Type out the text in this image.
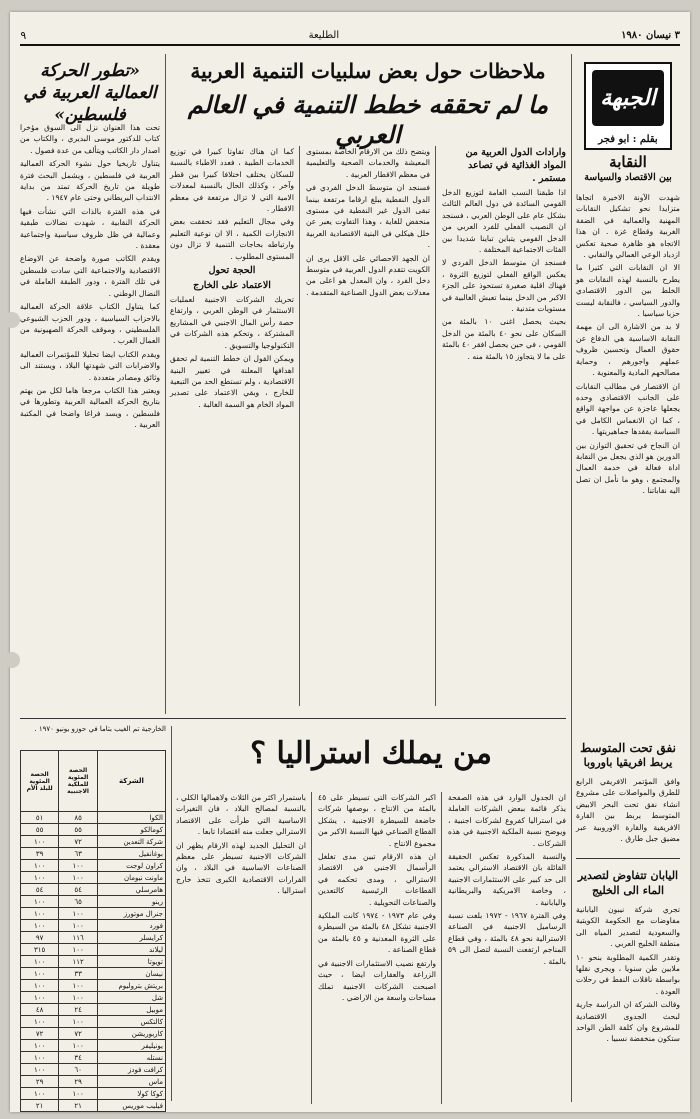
٣ نيسان ١٩٨٠
الطليعة
٩
الجبهة
بقلم : ابو فجر
النقابة
بين الاقتصاد والسياسة

شهدت الآونة الاخيرة اتجاها متزايدا نحو تشكيل النقابات المهنية والعمالية في الضفة الغربية وقطاع غزة . ان هذا الاتجاه هو ظاهرة صحية تعكس ازدياد الوعي العمالي والنقابي .

الا ان النقابات التي كثيرا ما يطرح بالنسبة لهذه النقابات هو الخلط بين الدور الاقتصادي والدور السياسي ، فالنقابة ليست حزبا سياسيا .

لا بد من الاشارة الى ان مهمة النقابة الاساسية هي الدفاع عن حقوق العمال وتحسين ظروف عملهم واجورهم ، وحماية مصالحهم المادية والمعنوية .

ان الاقتصار في مطالب النقابات على الجانب الاقتصادي وحده يجعلها عاجزة عن مواجهة الواقع ، كما ان الانغماس الكامل في السياسة يفقدها جماهيريتها .

ان النجاح في تحقيق التوازن بين الدورين هو الذي يجعل من النقابة اداة فعالة في خدمة العمال والمجتمع ، وهو ما نأمل ان تصل اليه نقاباتنا .

ملاحظات حول بعض سلبيات التنمية العربية
ما لم تحققه خطط التنمية في العالم العربي

وارادات الدول العربية من المواد الغذائية في تصاعد مستمر .

اذا طبقنا النسب العامة لتوزيع الدخل القومي السائدة في دول العالم الثالث بشكل عام على الوطن العربي ، فسنجد ان النصيب الفعلي للفرد العربي من الدخل القومي يتباين تباينا شديدا بين الفئات الاجتماعية المختلفة .

فسنجد ان متوسط الدخل الفردي لا يعكس الواقع الفعلي لتوزيع الثروة ، فهناك اقلية صغيرة تستحوذ على الجزء الاكبر من الدخل بينما تعيش الغالبية في مستويات متدنية .

بحيث يحصل اغنى ١٠ بالمئة من السكان على نحو ٤٠ بالمئة من الدخل القومي ، في حين يحصل افقر ٤٠ بالمئة على ما لا يتجاوز ١٥ بالمئة منه .

ويتضح ذلك من الارقام الخاصة بمستوى المعيشة والخدمات الصحية والتعليمية في معظم الاقطار العربية .

فسنجد ان متوسط الدخل الفردي في الدول النفطية يبلغ ارقاما مرتفعة بينما تبقى الدول غير النفطية في مستوى منخفض للغاية ، وهذا التفاوت يعبر عن خلل هيكلي في البنية الاقتصادية العربية .

ان الجهد الاحصائي على الاقل يرى ان الكويت تتقدم الدول العربية في متوسط دخل الفرد ، وان المعدل هو اعلى من معدلات بعض الدول الصناعية المتقدمة .

كما ان هناك تفاوتا كبيرا في توزيع الخدمات الطبية ، فعدد الاطباء بالنسبة للسكان يختلف اختلافا كبيرا بين قطر وآخر ، وكذلك الحال بالنسبة لمعدلات الامية التي لا تزال مرتفعة في معظم الاقطار .

وفي مجال التعليم فقد تحققت بعض الانجازات الكمية ، الا ان نوعية التعليم وارتباطه بحاجات التنمية لا تزال دون المستوى المطلوب .

الحجة تحول

الاعتماد على الخارج

تحريك الشركات الاجنبية لعمليات الاستثمار في الوطن العربي ، وارتفاع حصة رأس المال الاجنبي في المشاريع المشتركة ، وتحكم هذه الشركات في التكنولوجيا والتسويق .

ويمكن القول ان خطط التنمية لم تحقق اهدافها المعلنة في تغيير البنية الاقتصادية ، ولم تستطع الحد من التبعية للخارج ، وبقي الاعتماد على تصدير المواد الخام هو السمة الغالبة .

«تطور الحركة العمالية العربية في فلسطين»

تحت هذا العنوان نزل الى السوق مؤخرا كتاب للدكتور موسى البديري ، والكتاب من اصدار دار الكاتب ويتألف من عدة فصول .

يتناول تاريخيا حول نشوء الحركة العمالية العربية في فلسطين ، ويشمل البحث فترة طويلة من تاريخ الحركة تمتد من بداية الانتداب البريطاني وحتى عام ١٩٤٧ .

في هذه الفترة بالذات التي نشأت فيها الحركة النقابية ، شهدت نضالات طبقية وعمالية في ظل ظروف سياسية واجتماعية معقدة .

ويقدم الكاتب صورة واضحة عن الاوضاع الاقتصادية والاجتماعية التي سادت فلسطين في تلك الفترة ، ودور الطبقة العاملة في النضال الوطني .

كما يتناول الكتاب علاقة الحركة العمالية بالاحزاب السياسية ، ودور الحزب الشيوعي الفلسطيني ، وموقف الحركة الصهيونية من العمال العرب .

ويقدم الكتاب ايضا تحليلا للمؤتمرات العمالية والاضرابات التي شهدتها البلاد ، ويستند الى وثائق ومصادر متعددة .

ويعتبر هذا الكتاب مرجعا هاما لكل من يهتم بتاريخ الحركة العمالية العربية وتطورها في فلسطين ، ويسد فراغا واضحا في المكتبة العربية .

نفق تحت المتوسط
يربط افريقيا باوروبا

وافق المؤتمر الافريقي الرابع للطرق والمواصلات على مشروع انشاء نفق تحت البحر الابيض المتوسط يربط بين القارة الافريقية والقارة الاوروبية عبر مضيق جبل طارق .

اليابان تتفاوض لتصدير الماء الى الخليج

تجري شركة نيبون اليابانية مفاوضات مع الحكومة الكويتية والسعودية لتصدير المياه الى منطقة الخليج العربي .

وتقدر الكمية المطلوبة بنحو ١٠ ملايين طن سنويا ، ويجري نقلها بواسطة ناقلات النفط في رحلات العودة .

وقالت الشركة ان الدراسة جارية لبحث الجدوى الاقتصادية للمشروع وان كلفة الطن الواحد ستكون منخفضة نسبيا .

من يملك استراليا ؟

ان الجدول الوارد في هذه الصفحة يذكر قائمة ببعض الشركات العاملة في استراليا كفروع لشركات اجنبية ، ويوضح نسبة الملكية الاجنبية في هذه الشركات .

والنسبة المذكورة تعكس الحقيقة القائلة بان الاقتصاد الاسترالي يعتمد الى حد كبير على الاستثمارات الاجنبية ، وخاصة الامريكية والبريطانية واليابانية .

وفي الفترة ١٩٦٧ - ١٩٧٢ بلغت نسبة الرساميل الاجنبية في الصناعة الاسترالية نحو ٤٨ بالمئة ، وفي قطاع المناجم ارتفعت النسبة لتصل الى ٥٩ بالمئة .

اكبر الشركات التي تسيطر على ٤٥ بالمئة من الانتاج ، بوصفها شركات خاضعة للسيطرة الاجنبية ، يشكل القطاع الصناعي فيها النسبة الاكبر من مجموع الانتاج .

ان هذه الارقام تبين مدى تغلغل الرأسمال الاجنبي في الاقتصاد الاسترالي ، ومدى تحكمه في القطاعات الرئيسية كالتعدين والصناعات التحويلية .

وفي عام ١٩٧٣ - ١٩٧٤ كانت الملكية الاجنبية تشكل ٤٨ بالمئة من السيطرة على الثروة المعدنية و ٤٥ بالمئة من قطاع الصناعة .

وارتفع نصيب الاستثمارات الاجنبية في الزراعة والعقارات ايضا ، حيث اصبحت الشركات الاجنبية تملك مساحات واسعة من الاراضي .

باستمرار اكثر من الثلاث ولاهمالها الكلي ، بالنسبة لمصالح البلاد ، فان التغيرات الاساسية التي طرأت على الاقتصاد الاسترالي جعلت منه اقتصادا تابعا .

ان التحليل الجديد لهذه الارقام يظهر ان الشركات الاجنبية تسيطر على معظم الصناعات الاساسية في البلاد ، وان القرارات الاقتصادية الكبرى تتخذ خارج استراليا .

الخارجية تم الغيب بتاما في حوزو يونيو ١٩٧٠ .
الشركة	الحصة المئوية للملكية الاجنبية	الحصة المئوية للبلد الأم
الكوا	٨٥	٥١
كومالكو	٥٥	٥٥
شركة التعدين	٧٢	١٠٠
بوغانفيل	٦٣	٣٩
كراون لوجت	١٠٠	١٠٠
ماونت نيومان	١٠٠	١٠٠
هامرسلي	٥٤	٥٤
رينو	٦٥	١٠٠
جنرال موتورز	١٠٠	١٠٠
فورد	١٠٠	١٠٠
كرايسلر	١١٦	٩٧
ليلاند	١٠٠	٣١٥
تويوتا	١١٢	١٠٠
نيسان	٣٣	١٠٠
بريتش بتروليوم	١٠٠	١٠٠
شل	١٠٠	١٠٠
موبيل	٢٤	٤٨
كالتكس	١٠٠	١٠٠
كاربوريشن	٧٢	٧٢
يونيليفر	١٠٠	١٠٠
نستله	٣٤	١٠٠
كرافت فودز	٦٠	١٠٠
ماس	٢٩	٢٩
كوكا كولا	١٠٠	١٠٠
فيليب موريس	٢١	٢١
